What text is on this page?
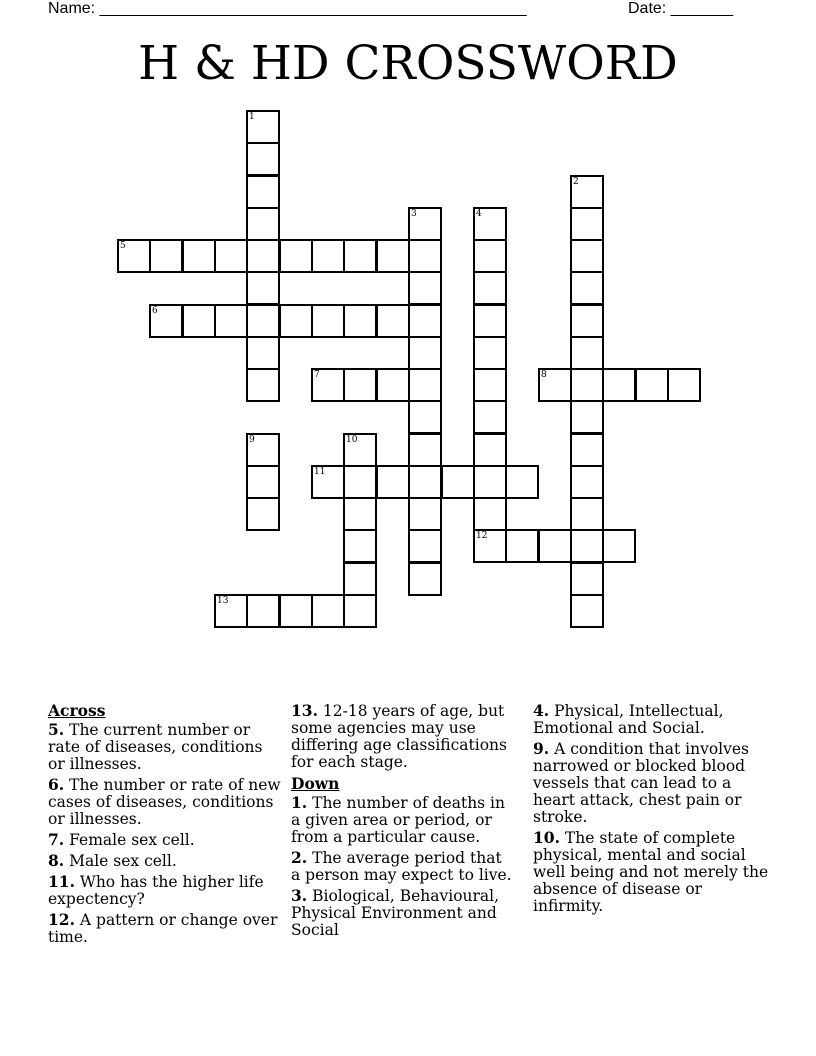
Name: ________________________________________________	Date: _______
H & HD CROSSWORD
1
2
3	4
5
6
7	8
9	10
11
12
13
Across
5. The current number or rate of diseases, conditions or illnesses.
6. The number or rate of new cases of diseases, conditions or illnesses.
7. Female sex cell.
8. Male sex cell.
11. Who has the higher life expectency?
12. A pattern or change over time.
13. 12-18 years of age, but some agencies may use differing age classifications for each stage.
Down
1. The number of deaths in a given area or period, or from a particular cause.
2. The average period that a person may expect to live.
3. Biological, Behavioural, Physical Environment and Social
4. Physical, Intellectual, Emotional and Social.
9. A condition that involves narrowed or blocked blood vessels that can lead to a heart attack, chest pain or stroke.
10. The state of complete physical, mental and social well being and not merely the absence of disease or infirmity.
